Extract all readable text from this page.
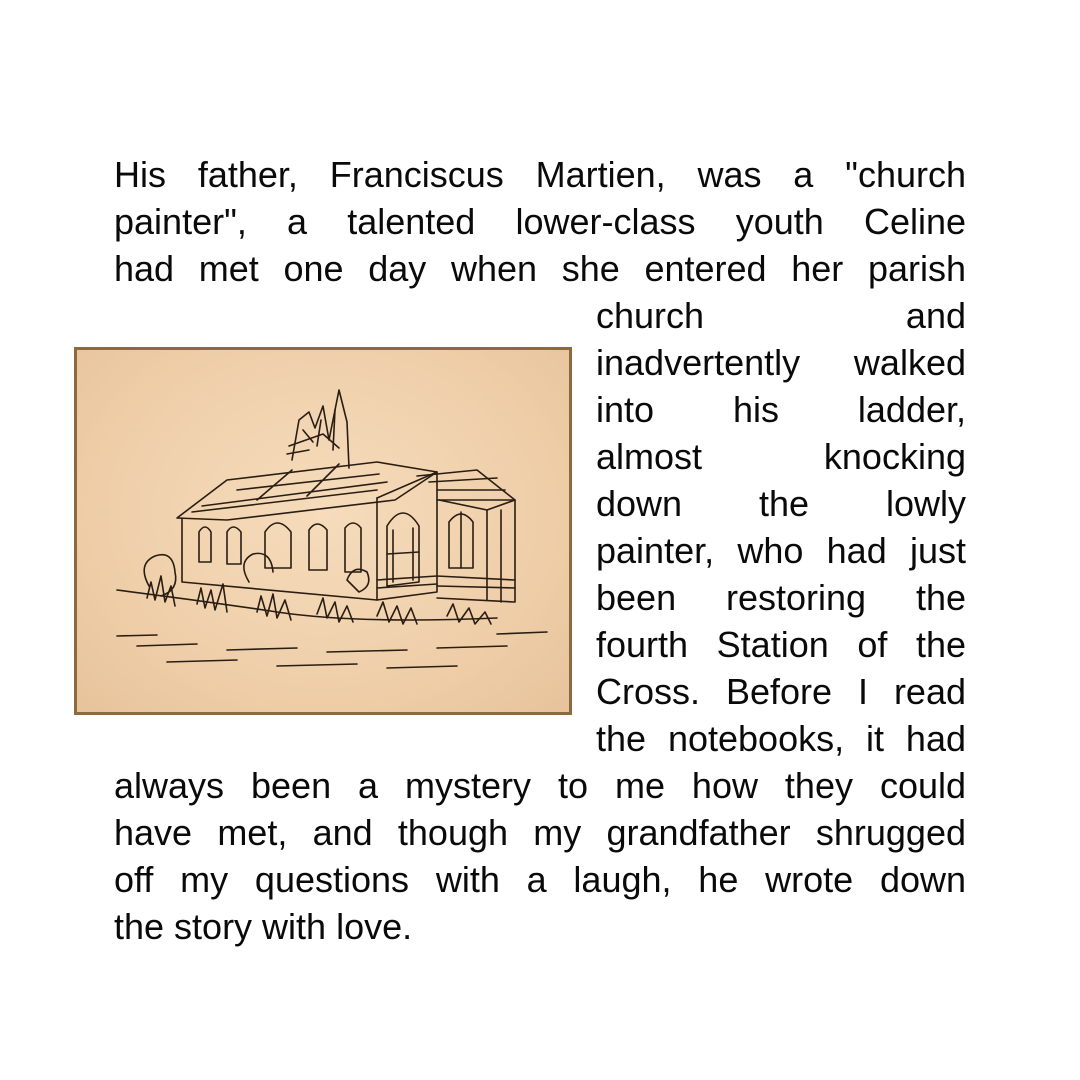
His father, Franciscus Martien, was a "church
painter", a talented lower-class youth Celine
had met one day when she entered her parish
church and
inadvertently walked
into his ladder,
almost knocking
down the lowly
painter, who had just
been restoring the
fourth Station of the
Cross. Before I read
the notebooks, it had
always been a mystery to me how they could
have met, and though my grandfather shrugged
off my questions with a laugh, he wrote down
the story with love.
